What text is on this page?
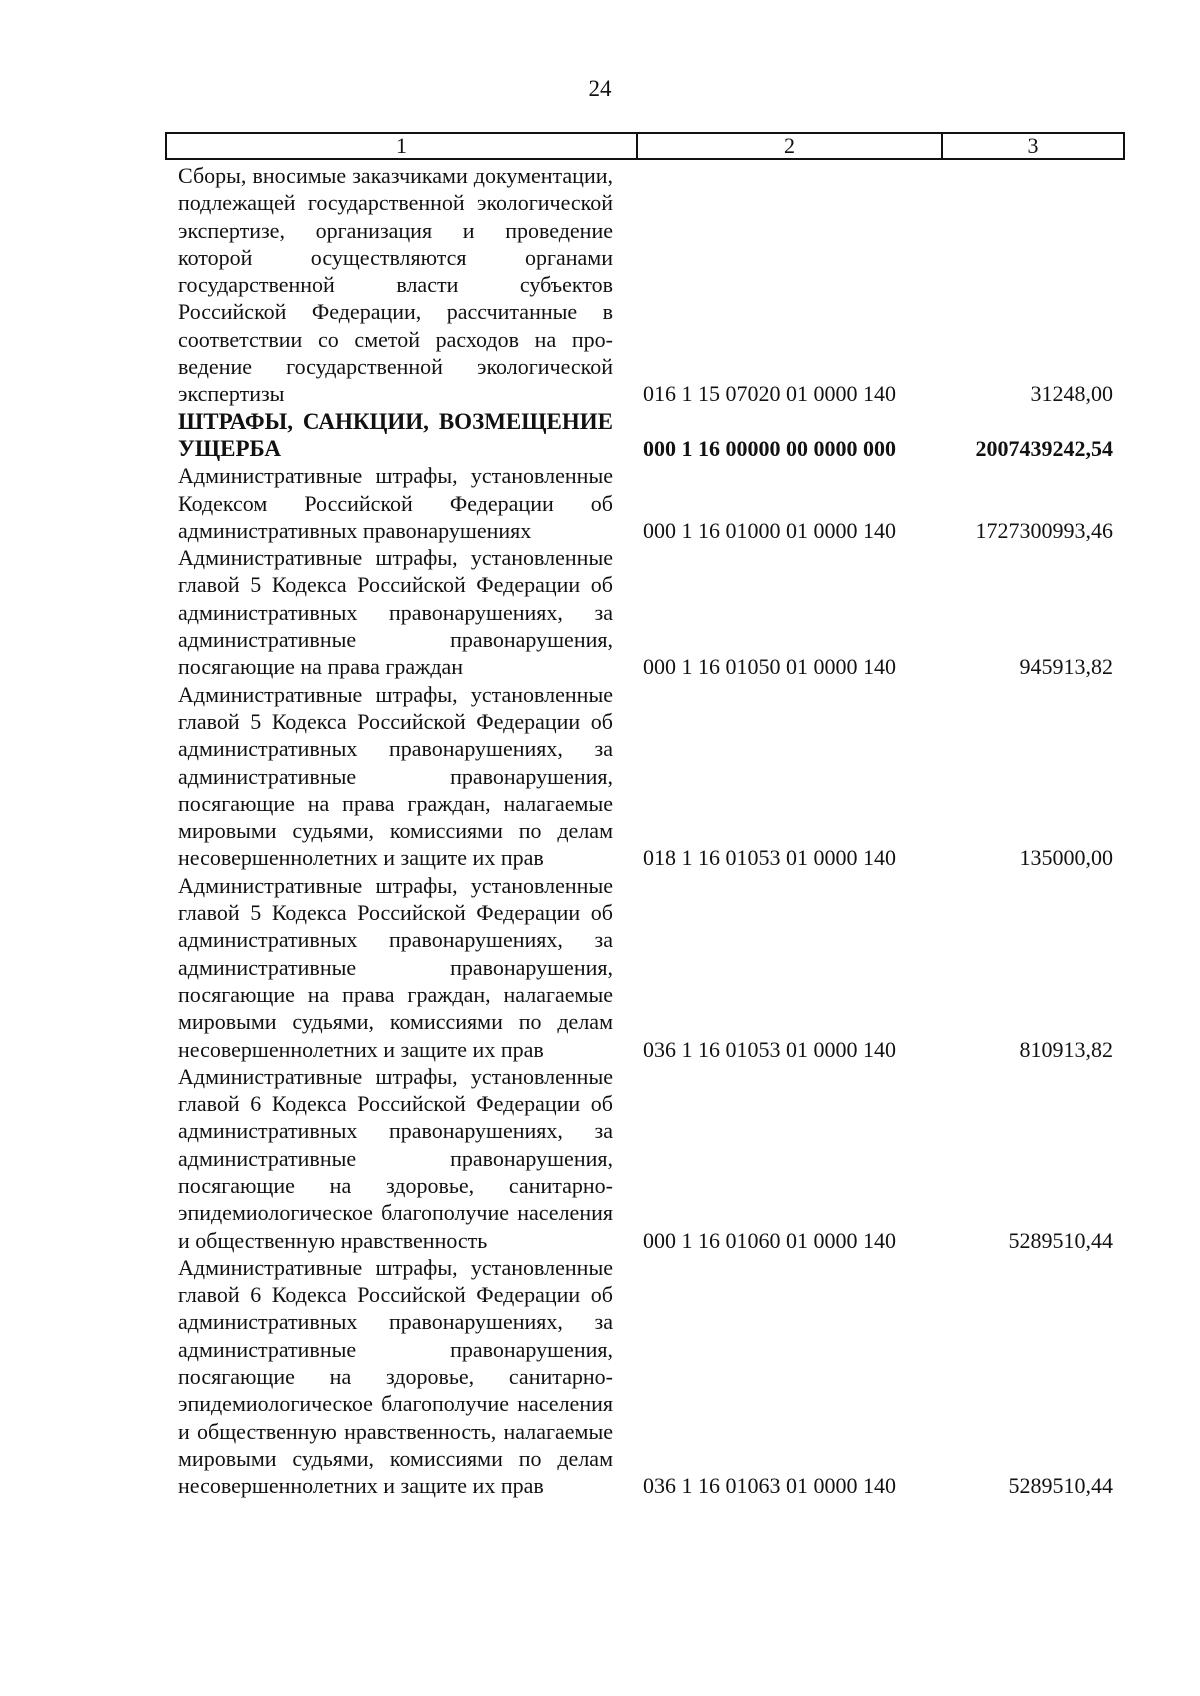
24
1	2	3
Сборы, вносимые заказчиками документации, подлежащей государственной экологической экспертизе, организация и проведение которой осуществляются органами государственной власти субъектов Российской Федерации, рассчитанные в соответствии со сметой расходов на проведение государственной экологической экспертизы	016 1 15 07020 01 0000 140	31248,00
ШТРАФЫ, САНКЦИИ, ВОЗМЕЩЕНИЕ УЩЕРБА	000 1 16 00000 00 0000 000	2007439242,54
Административные штрафы, установленные Кодексом Российской Федерации об административных правонарушениях	000 1 16 01000 01 0000 140	1727300993,46
Административные штрафы, установленные главой 5 Кодекса Российской Федерации об административных правонарушениях, за административные правонарушения, посягающие на права граждан	000 1 16 01050 01 0000 140	945913,82
Административные штрафы, установленные главой 5 Кодекса Российской Федерации об административных правонарушениях, за административные правонарушения, посягающие на права граждан, налагаемые мировыми судьями, комиссиями по делам несовершеннолетних и защите их прав	018 1 16 01053 01 0000 140	135000,00
Административные штрафы, установленные главой 5 Кодекса Российской Федерации об административных правонарушениях, за административные правонарушения, посягающие на права граждан, налагаемые мировыми судьями, комиссиями по делам несовершеннолетних и защите их прав	036 1 16 01053 01 0000 140	810913,82
Административные штрафы, установленные главой 6 Кодекса Российской Федерации об административных правонарушениях, за административные правонарушения, посягающие на здоровье, санитарно-эпидемиологическое благополучие населения и общественную нравственность	000 1 16 01060 01 0000 140	5289510,44
Административные штрафы, установленные главой 6 Кодекса Российской Федерации об административных правонарушениях, за административные правонарушения, посягающие на здоровье, санитарно-эпидемиологическое благополучие населения и общественную нравственность, налагаемые мировыми судьями, комиссиями по делам несовершеннолетних и защите их прав	036 1 16 01063 01 0000 140	5289510,44
